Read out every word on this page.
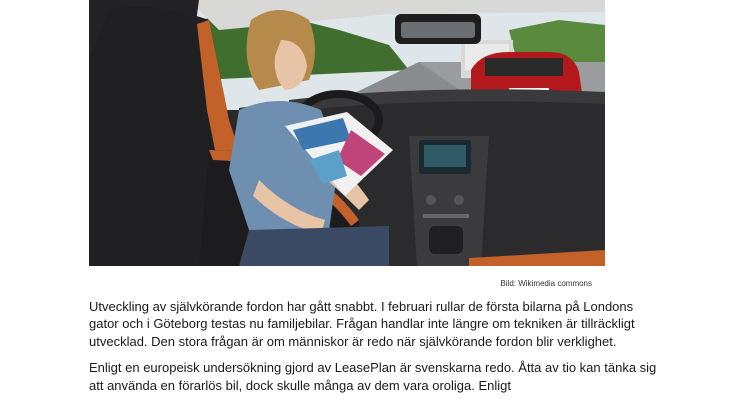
Bild: Wikimedia commons

Utveckling av självkörande fordon har gått snabbt. I februari rullar de första bilarna på Londons gator och i Göteborg testas nu familjebilar. Frågan handlar inte längre om tekniken är tillräckligt utvecklad. Den stora frågan är om människor är redo när självkörande fordon blir verklighet.

Enligt en europeisk undersökning gjord av LeasePlan är svenskarna redo. Åtta av tio kan tänka sig att använda en förarlös bil, dock skulle många av dem vara oroliga. Enligt
